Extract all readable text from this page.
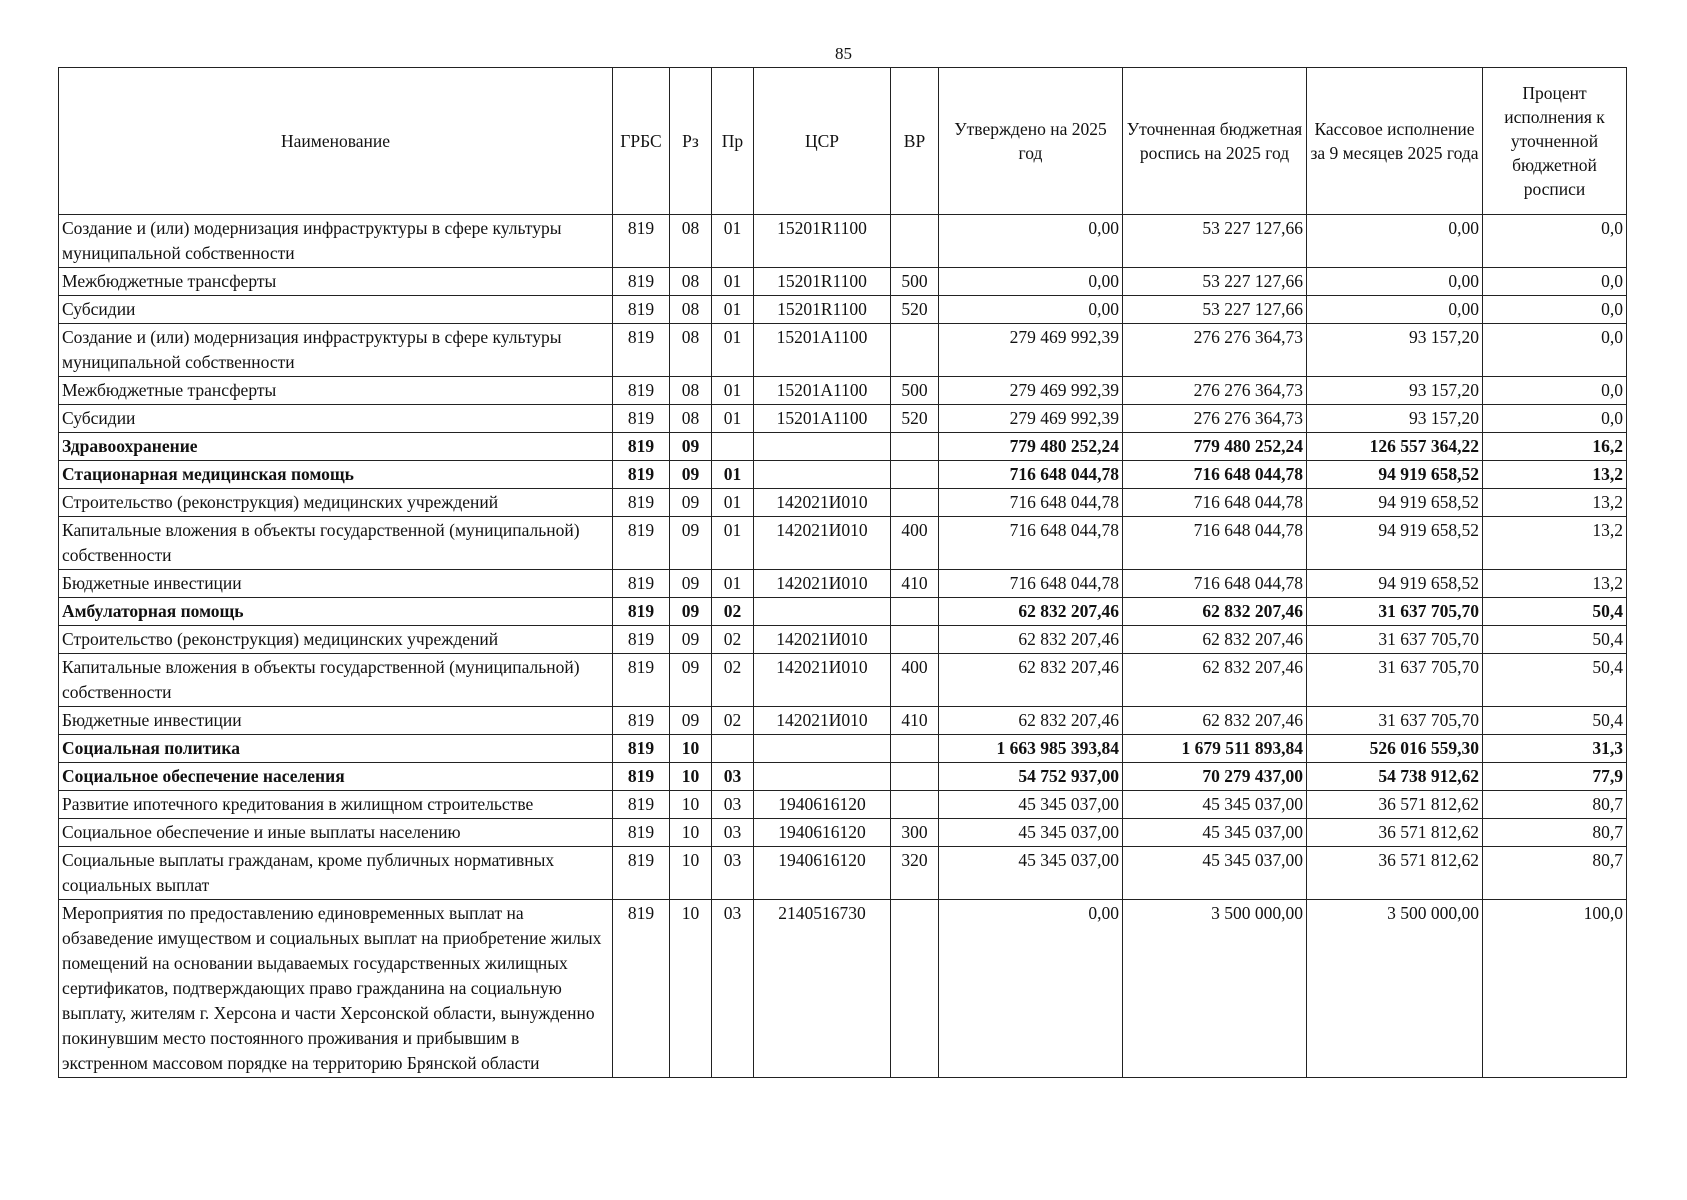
85
Наименование	ГРБС	Рз	Пр	ЦСР	ВР	Утверждено на 2025 год	Уточненная бюджетная роспись на 2025 год	Кассовое исполнение за 9 месяцев 2025 года	Процент исполнения к уточненной бюджетной росписи
Создание и (или) модернизация инфраструктуры в сфере культуры муниципальной собственности	819	08	01	15201R1100		0,00	53 227 127,66	0,00	0,0
Межбюджетные трансферты	819	08	01	15201R1100	500	0,00	53 227 127,66	0,00	0,0
Субсидии	819	08	01	15201R1100	520	0,00	53 227 127,66	0,00	0,0
Создание и (или) модернизация инфраструктуры в сфере культуры муниципальной собственности	819	08	01	15201A1100		279 469 992,39	276 276 364,73	93 157,20	0,0
Межбюджетные трансферты	819	08	01	15201A1100	500	279 469 992,39	276 276 364,73	93 157,20	0,0
Субсидии	819	08	01	15201A1100	520	279 469 992,39	276 276 364,73	93 157,20	0,0
Здравоохранение	819	09				779 480 252,24	779 480 252,24	126 557 364,22	16,2
Стационарная медицинская помощь	819	09	01			716 648 044,78	716 648 044,78	94 919 658,52	13,2
Строительство (реконструкция) медицинских учреждений	819	09	01	142021И010		716 648 044,78	716 648 044,78	94 919 658,52	13,2
Капитальные вложения в объекты государственной (муниципальной) собственности	819	09	01	142021И010	400	716 648 044,78	716 648 044,78	94 919 658,52	13,2
Бюджетные инвестиции	819	09	01	142021И010	410	716 648 044,78	716 648 044,78	94 919 658,52	13,2
Амбулаторная помощь	819	09	02			62 832 207,46	62 832 207,46	31 637 705,70	50,4
Строительство (реконструкция) медицинских учреждений	819	09	02	142021И010		62 832 207,46	62 832 207,46	31 637 705,70	50,4
Капитальные вложения в объекты государственной (муниципальной) собственности	819	09	02	142021И010	400	62 832 207,46	62 832 207,46	31 637 705,70	50,4
Бюджетные инвестиции	819	09	02	142021И010	410	62 832 207,46	62 832 207,46	31 637 705,70	50,4
Социальная политика	819	10				1 663 985 393,84	1 679 511 893,84	526 016 559,30	31,3
Социальное обеспечение населения	819	10	03			54 752 937,00	70 279 437,00	54 738 912,62	77,9
Развитие ипотечного кредитования в жилищном строительстве	819	10	03	1940616120		45 345 037,00	45 345 037,00	36 571 812,62	80,7
Социальное обеспечение и иные выплаты населению	819	10	03	1940616120	300	45 345 037,00	45 345 037,00	36 571 812,62	80,7
Социальные выплаты гражданам, кроме публичных нормативных социальных выплат	819	10	03	1940616120	320	45 345 037,00	45 345 037,00	36 571 812,62	80,7
Мероприятия по предоставлению единовременных выплат на обзаведение имуществом и социальных выплат на приобретение жилых помещений на основании выдаваемых государственных жилищных сертификатов, подтверждающих право гражданина на социальную выплату, жителям г. Херсона и части Херсонской области, вынужденно покинувшим место постоянного проживания и прибывшим в экстренном массовом порядке на территорию Брянской области	819	10	03	2140516730		0,00	3 500 000,00	3 500 000,00	100,0
